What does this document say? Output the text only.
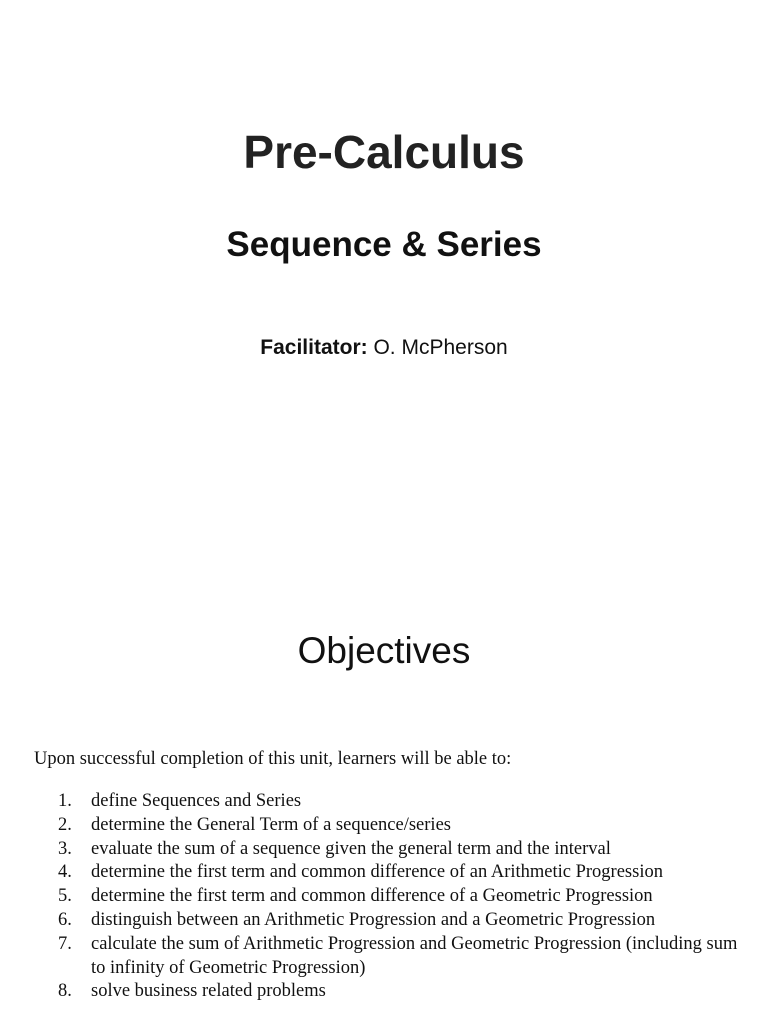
Pre-Calculus
Sequence & Series
Facilitator: O. McPherson
Objectives
Upon successful completion of this unit, learners will be able to:
1.	define Sequences and Series
2.	determine the General Term of a sequence/series
3.	evaluate the sum of a sequence given the general term and the interval
4.	determine the first term and common difference of an Arithmetic Progression
5.	determine the first term and common difference of a Geometric Progression
6.	distinguish between an Arithmetic Progression and a Geometric Progression
7.	calculate the sum of Arithmetic Progression and Geometric Progression (including sum to infinity of Geometric Progression)
8.	solve business related problems
